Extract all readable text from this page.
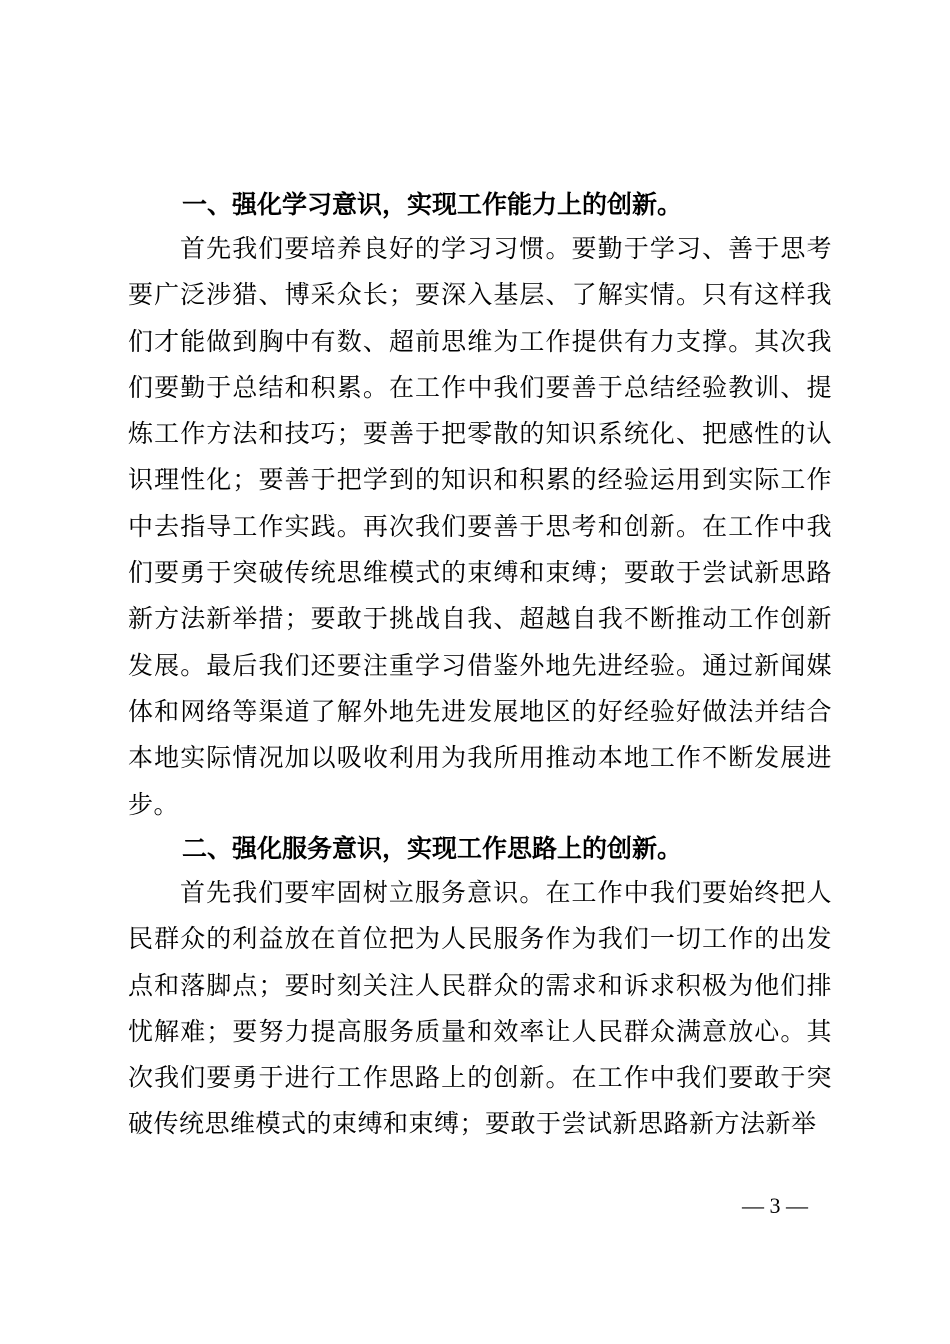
一、强化学习意识，实现工作能力上的创新。
首先我们要培养良好的学习习惯。要勤于学习、善于思考要广泛涉猎、博采众长；要深入基层、了解实情。只有这样我们才能做到胸中有数、超前思维为工作提供有力支撑。其次我们要勤于总结和积累。在工作中我们要善于总结经验教训、提炼工作方法和技巧；要善于把零散的知识系统化、把感性的认识理性化；要善于把学到的知识和积累的经验运用到实际工作中去指导工作实践。再次我们要善于思考和创新。在工作中我们要勇于突破传统思维模式的束缚和束缚；要敢于尝试新思路新方法新举措；要敢于挑战自我、超越自我不断推动工作创新发展。最后我们还要注重学习借鉴外地先进经验。通过新闻媒体和网络等渠道了解外地先进发展地区的好经验好做法并结合本地实际情况加以吸收利用为我所用推动本地工作不断发展进步。
二、强化服务意识，实现工作思路上的创新。
首先我们要牢固树立服务意识。在工作中我们要始终把人民群众的利益放在首位把为人民服务作为我们一切工作的出发点和落脚点；要时刻关注人民群众的需求和诉求积极为他们排忧解难；要努力提高服务质量和效率让人民群众满意放心。其次我们要勇于进行工作思路上的创新。在工作中我们要敢于突破传统思维模式的束缚和束缚；要敢于尝试新思路新方法新举
— 3 —
